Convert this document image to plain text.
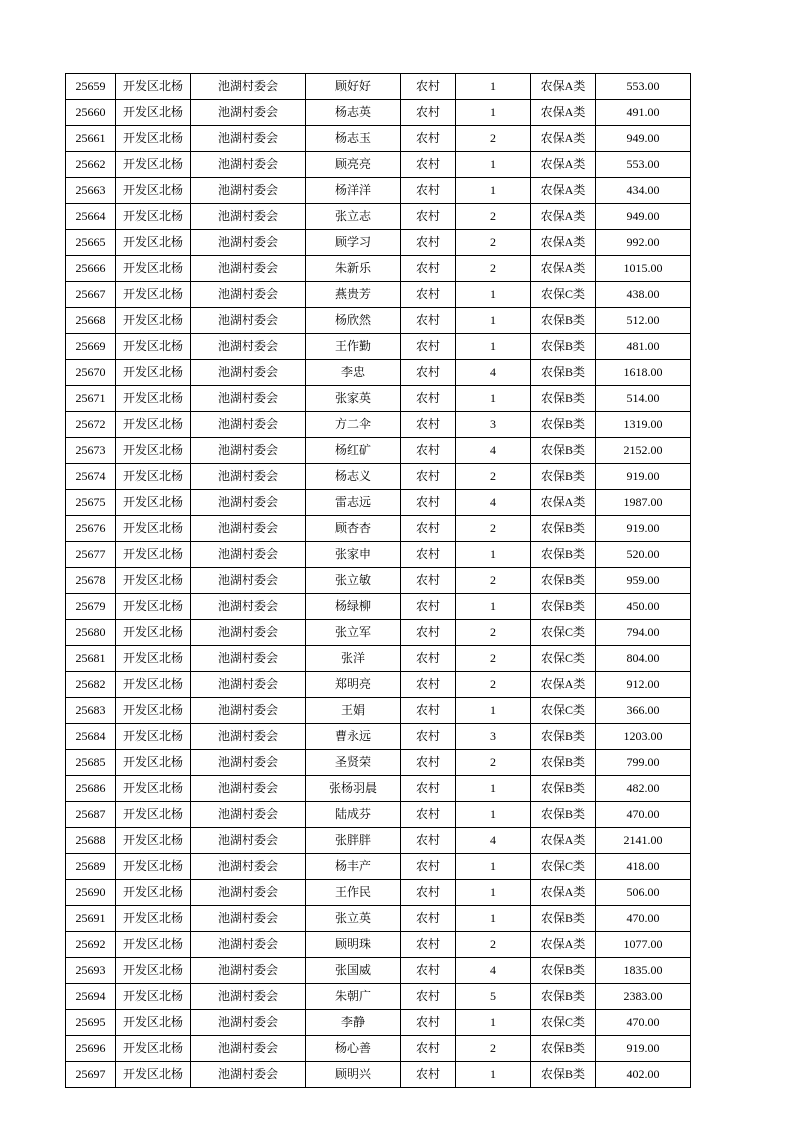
25659	开发区北杨	池湖村委会	顾好好	农村	1	农保A类	553.00
25660	开发区北杨	池湖村委会	杨志英	农村	1	农保A类	491.00
25661	开发区北杨	池湖村委会	杨志玉	农村	2	农保A类	949.00
25662	开发区北杨	池湖村委会	顾亮亮	农村	1	农保A类	553.00
25663	开发区北杨	池湖村委会	杨洋洋	农村	1	农保A类	434.00
25664	开发区北杨	池湖村委会	张立志	农村	2	农保A类	949.00
25665	开发区北杨	池湖村委会	顾学习	农村	2	农保A类	992.00
25666	开发区北杨	池湖村委会	朱新乐	农村	2	农保A类	1015.00
25667	开发区北杨	池湖村委会	燕贵芳	农村	1	农保C类	438.00
25668	开发区北杨	池湖村委会	杨欣然	农村	1	农保B类	512.00
25669	开发区北杨	池湖村委会	王作勤	农村	1	农保B类	481.00
25670	开发区北杨	池湖村委会	李忠	农村	4	农保B类	1618.00
25671	开发区北杨	池湖村委会	张家英	农村	1	农保B类	514.00
25672	开发区北杨	池湖村委会	方二伞	农村	3	农保B类	1319.00
25673	开发区北杨	池湖村委会	杨红矿	农村	4	农保B类	2152.00
25674	开发区北杨	池湖村委会	杨志义	农村	2	农保B类	919.00
25675	开发区北杨	池湖村委会	雷志远	农村	4	农保A类	1987.00
25676	开发区北杨	池湖村委会	顾杏杏	农村	2	农保B类	919.00
25677	开发区北杨	池湖村委会	张家申	农村	1	农保B类	520.00
25678	开发区北杨	池湖村委会	张立敏	农村	2	农保B类	959.00
25679	开发区北杨	池湖村委会	杨绿柳	农村	1	农保B类	450.00
25680	开发区北杨	池湖村委会	张立军	农村	2	农保C类	794.00
25681	开发区北杨	池湖村委会	张洋	农村	2	农保C类	804.00
25682	开发区北杨	池湖村委会	郑明亮	农村	2	农保A类	912.00
25683	开发区北杨	池湖村委会	王娟	农村	1	农保C类	366.00
25684	开发区北杨	池湖村委会	曹永远	农村	3	农保B类	1203.00
25685	开发区北杨	池湖村委会	圣贤荣	农村	2	农保B类	799.00
25686	开发区北杨	池湖村委会	张杨羽晨	农村	1	农保B类	482.00
25687	开发区北杨	池湖村委会	陆成芬	农村	1	农保B类	470.00
25688	开发区北杨	池湖村委会	张胖胖	农村	4	农保A类	2141.00
25689	开发区北杨	池湖村委会	杨丰产	农村	1	农保C类	418.00
25690	开发区北杨	池湖村委会	王作民	农村	1	农保A类	506.00
25691	开发区北杨	池湖村委会	张立英	农村	1	农保B类	470.00
25692	开发区北杨	池湖村委会	顾明珠	农村	2	农保A类	1077.00
25693	开发区北杨	池湖村委会	张国威	农村	4	农保B类	1835.00
25694	开发区北杨	池湖村委会	朱朝广	农村	5	农保B类	2383.00
25695	开发区北杨	池湖村委会	李静	农村	1	农保C类	470.00
25696	开发区北杨	池湖村委会	杨心善	农村	2	农保B类	919.00
25697	开发区北杨	池湖村委会	顾明兴	农村	1	农保B类	402.00
